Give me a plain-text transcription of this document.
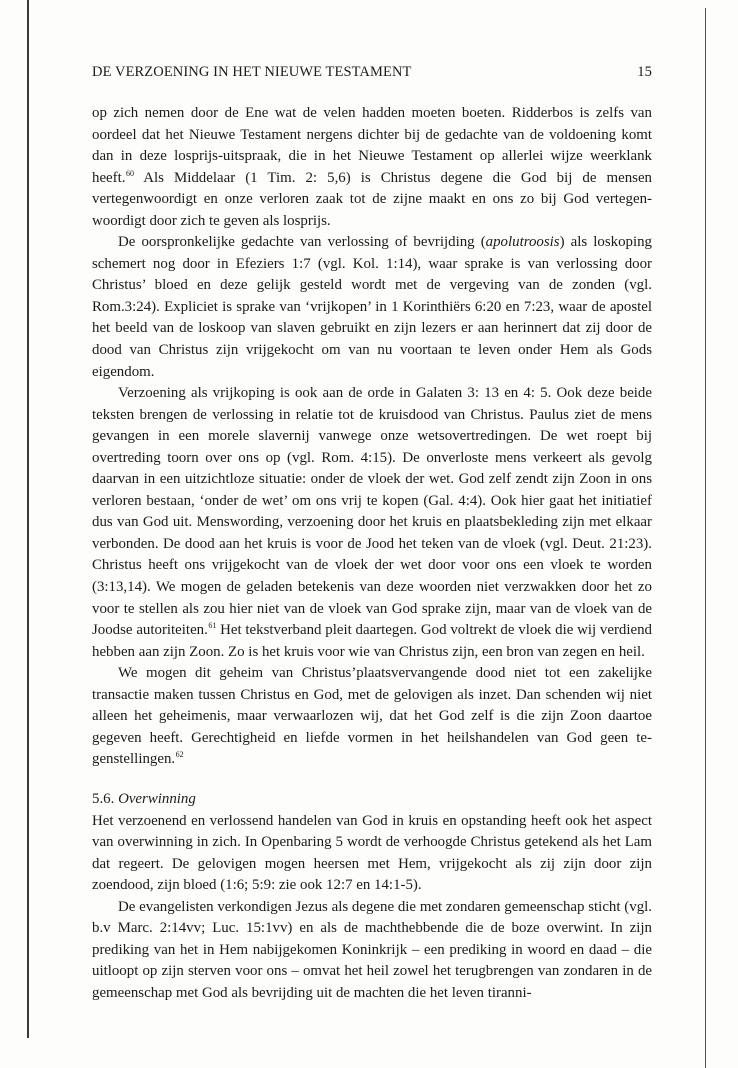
DE VERZOENING IN HET NIEUWE TESTAMENT	15

op zich nemen door de Ene wat de velen hadden moeten boeten. Ridderbos is zelfs van oordeel dat het Nieuwe Testament nergens dichter bij de gedachte van de voldoening komt dan in deze losprijs-uitspraak, die in het Nieuwe Testament op allerlei wijze weerklank heeft.$^{60}$ Als Middelaar (1 Tim. 2: 5,6) is Christus degene die God bij de mensen vertegenwoordigt en onze verloren zaak tot de zijne maakt en ons zo bij God vertegenwoordigt door zich te geven als losprijs.

De oorspronkelijke gedachte van verlossing of bevrijding (apolutroosis) als loskoping schemert nog door in Efeziers 1:7 (vgl. Kol. 1:14), waar sprake is van verlossing door Christus’ bloed en deze gelijk gesteld wordt met de vergeving van de zonden (vgl. Rom.3:24). Expliciet is sprake van ‘vrijkopen’ in 1 Korinthiërs 6:20 en 7:23, waar de apostel het beeld van de loskoop van slaven gebruikt en zijn lezers er aan herinnert dat zij door de dood van Christus zijn vrijgekocht om van nu voortaan te leven onder Hem als Gods eigendom.

Verzoening als vrijkoping is ook aan de orde in Galaten 3: 13 en 4: 5. Ook deze beide teksten brengen de verlossing in relatie tot de kruisdood van Christus. Paulus ziet de mens gevangen in een morele slavernij vanwege onze wetsovertredingen. De wet roept bij overtreding toorn over ons op (vgl. Rom. 4:15). De onverloste mens verkeert als gevolg daarvan in een uitzichtloze situatie: onder de vloek der wet. God zelf zendt zijn Zoon in ons verloren bestaan, ‘onder de wet’ om ons vrij te kopen (Gal. 4:4). Ook hier gaat het initiatief dus van God uit. Menswording, verzoening door het kruis en plaatsbekleding zijn met elkaar verbonden. De dood aan het kruis is voor de Jood het teken van de vloek (vgl. Deut. 21:23). Christus heeft ons vrijgekocht van de vloek der wet door voor ons een vloek te worden (3:13,14). We mogen de geladen betekenis van deze woorden niet verzwakken door het zo voor te stellen als zou hier niet van de vloek van God sprake zijn, maar van de vloek van de Joodse autoriteiten.$^{61}$ Het tekstverband pleit daartegen. God voltrekt de vloek die wij verdiend hebben aan zijn Zoon. Zo is het kruis voor wie van Christus zijn, een bron van zegen en heil.

We mogen dit geheim van Christus’plaatsvervangende dood niet tot een zakelijke transactie maken tussen Christus en God, met de gelovigen als inzet. Dan schenden wij niet alleen het geheimenis, maar verwaarlozen wij, dat het God zelf is die zijn Zoon daartoe gegeven heeft. Gerechtigheid en liefde vormen in het heilshandelen van God geen tegenstellingen.$^{62}$

5.6. Overwinning

Het verzoenend en verlossend handelen van God in kruis en opstanding heeft ook het aspect van overwinning in zich. In Openbaring 5 wordt de verhoogde Christus getekend als het Lam dat regeert. De gelovigen mogen heersen met Hem, vrijgekocht als zij zijn door zijn zoendood, zijn bloed (1:6; 5:9: zie ook 12:7 en 14:1-5).

De evangelisten verkondigen Jezus als degene die met zondaren gemeenschap sticht (vgl. b.v Marc. 2:14vv; Luc. 15:1vv) en als de machthebbende die de boze overwint. In zijn prediking van het in Hem nabijgekomen Koninkrijk – een prediking in woord en daad – die uitloopt op zijn sterven voor ons – omvat het heil zowel het terugbrengen van zondaren in de gemeenschap met God als bevrijding uit de machten die het leven tiranni-
